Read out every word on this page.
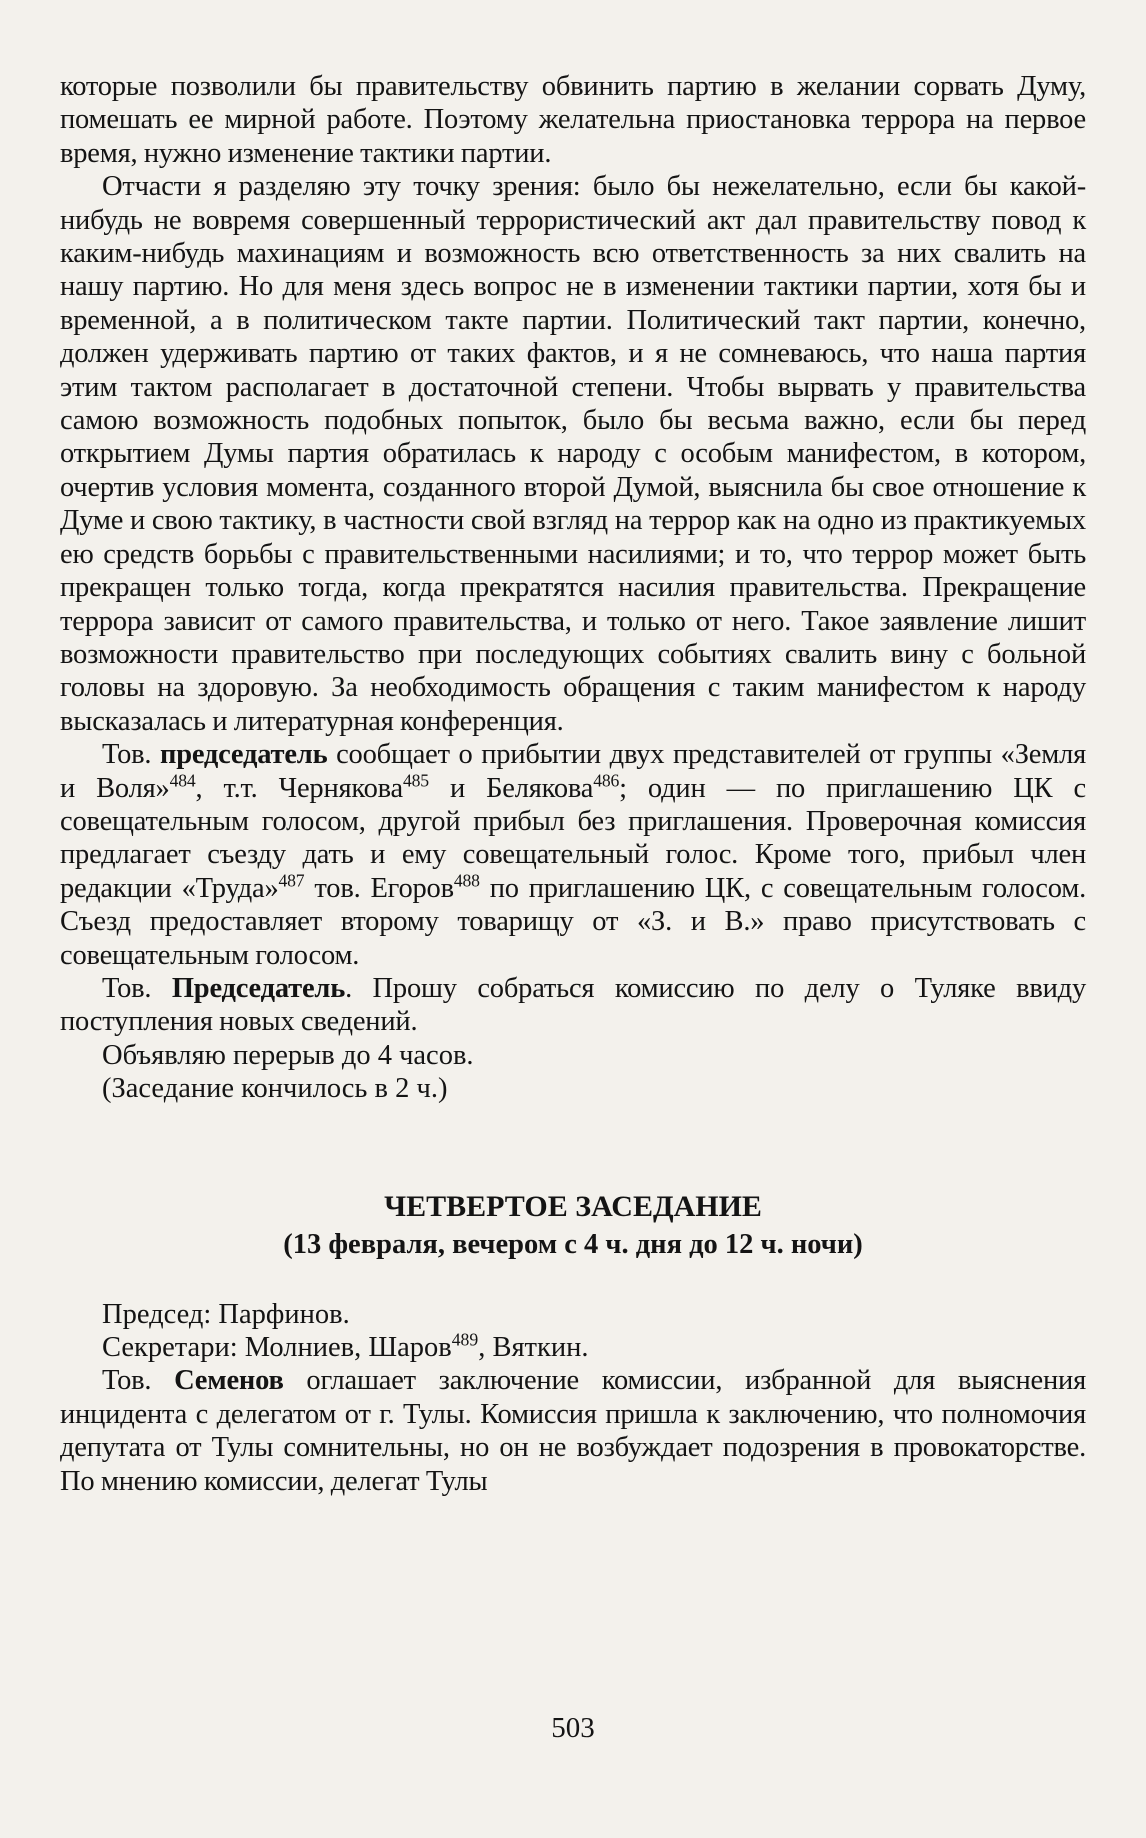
которые позволили бы правительству обвинить партию в желании сорвать Думу, помешать ее мирной работе. Поэтому желательна приостановка террора на первое время, нужно изменение тактики партии.

Отчасти я разделяю эту точку зрения: было бы нежелательно, если бы какой-нибудь не вовремя совершенный террористический акт дал правительству повод к каким-нибудь махинациям и возможность всю ответственность за них свалить на нашу партию. Но для меня здесь вопрос не в изменении тактики партии, хотя бы и временной, а в политическом такте партии. Политический такт партии, конечно, должен удерживать партию от таких фактов, и я не сомневаюсь, что наша партия этим тактом располагает в достаточной степени. Чтобы вырвать у правительства самою возможность подобных попыток, было бы весьма важно, если бы перед открытием Думы партия обратилась к народу с особым манифестом, в котором, очертив условия момента, созданного второй Думой, выяснила бы свое отношение к Думе и свою тактику, в частности свой взгляд на террор как на одно из практикуемых ею средств борьбы с правительственными насилиями; и то, что террор может быть прекращен только тогда, когда прекратятся насилия правительства. Прекращение террора зависит от самого правительства, и только от него. Такое заявление лишит возможности правительство при последующих событиях свалить вину с больной головы на здоровую. За необходимость обращения с таким манифестом к народу высказалась и литературная конференция.

Тов. председатель сообщает о прибытии двух представителей от группы «Земля и Воля»$^{484}$, т.т. Чернякова$^{485}$ и Белякова$^{486}$; один — по приглашению ЦК с совещательным голосом, другой прибыл без приглашения. Проверочная комиссия предлагает съезду дать и ему совещательный голос. Кроме того, прибыл член редакции «Труда»$^{487}$ тов. Егоров$^{488}$ по приглашению ЦК, с совещательным голосом. Съезд предоставляет второму товарищу от «З. и В.» право присутствовать с совещательным голосом.

Тов. Председатель. Прошу собраться комиссию по делу о Туляке ввиду поступления новых сведений.

Объявляю перерыв до 4 часов.

(Заседание кончилось в 2 ч.)

ЧЕТВЕРТОЕ ЗАСЕДАНИЕ
(13 февраля, вечером с 4 ч. дня до 12 ч. ночи)

Председ: Парфинов.

Секретари: Молниев, Шаров$^{489}$, Вяткин.

Тов. Семенов оглашает заключение комиссии, избранной для выяснения инцидента с делегатом от г. Тулы. Комиссия пришла к заключению, что полномочия депутата от Тулы сомнительны, но он не возбуждает подозрения в провокаторстве. По мнению комиссии, делегат Тулы

503
